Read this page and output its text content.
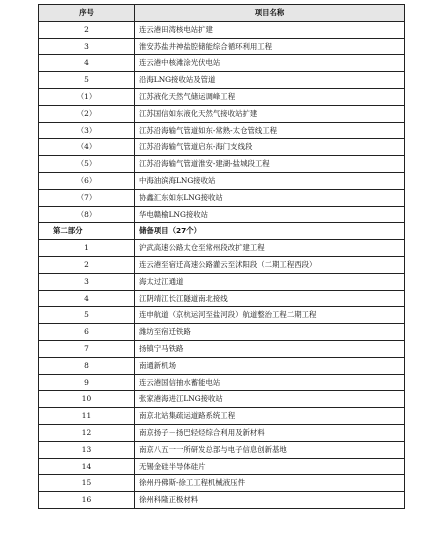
序号	项目名称
2	连云港田湾核电站扩建
3	淮安苏盐井神盐腔储能综合循环利用工程
4	连云港中核滩涂光伏电站
5	沿海LNG接收站及管道
（1）	江苏液化天然气储运调峰工程
（2）	江苏国信如东液化天然气接收站扩建
（3）	江苏沿海输气管道如东-常熟-太仓管线工程
（4）	江苏沿海输气管道启东-海门支线段
（5）	江苏沿海输气管道淮安-建湖-盐城段工程
（6）	中海油滨海LNG接收站
（7）	协鑫汇东如东LNG接收站
（8）	华电赣榆LNG接收站
第二部分	储备项目（27个）
1	沪武高速公路太仓至常州段改扩建工程
2	连云港至宿迁高速公路灌云至沭阳段（二期工程西段）
3	海太过江通道
4	江阴靖江长江隧道南北接线
5	连申航道（京杭运河至盐河段）航道整治工程二期工程
6	潍坊至宿迁铁路
7	扬镇宁马铁路
8	南通新机场
9	连云港国信抽水蓄能电站
10	张家港海进江LNG接收站
11	南京北站集疏运道路系统工程
12	南京扬子－扬巴轻烃综合利用及新材料
13	南京八五一一所研发总部与电子信息创新基地
14	无锡金硅半导体硅片
15	徐州丹佛斯-徐工工程机械液压件
16	徐州科隆正极材料
